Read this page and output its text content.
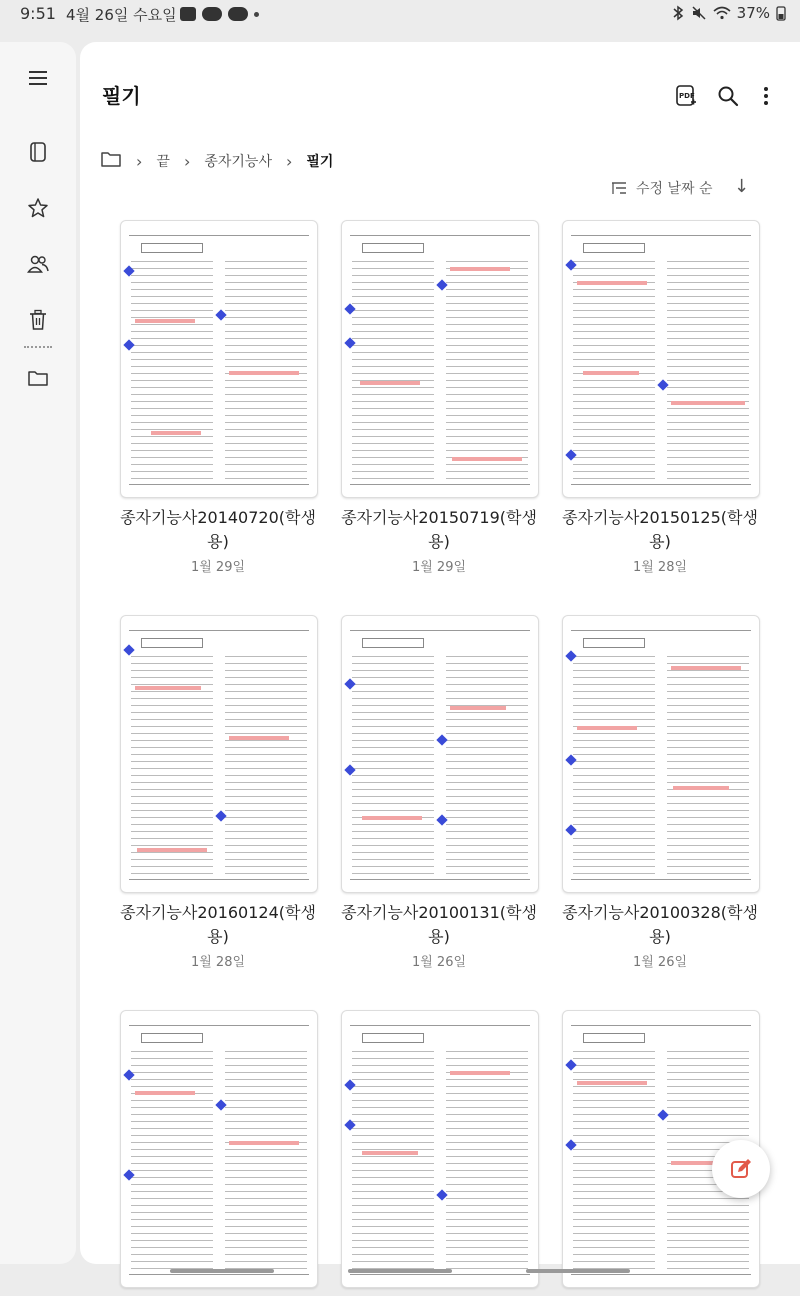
9:51 4월 26일 수요일	37%
필기	PDF
› 끝 › 종자기능사 › 필기
수정 날짜 순 ↓
종자기능사20140720(학생용)
1월 29일
종자기능사20150719(학생용)
1월 29일
종자기능사20150125(학생용)
1월 28일
종자기능사20160124(학생용)
1월 28일
종자기능사20100131(학생용)
1월 26일
종자기능사20100328(학생용)
1월 26일
